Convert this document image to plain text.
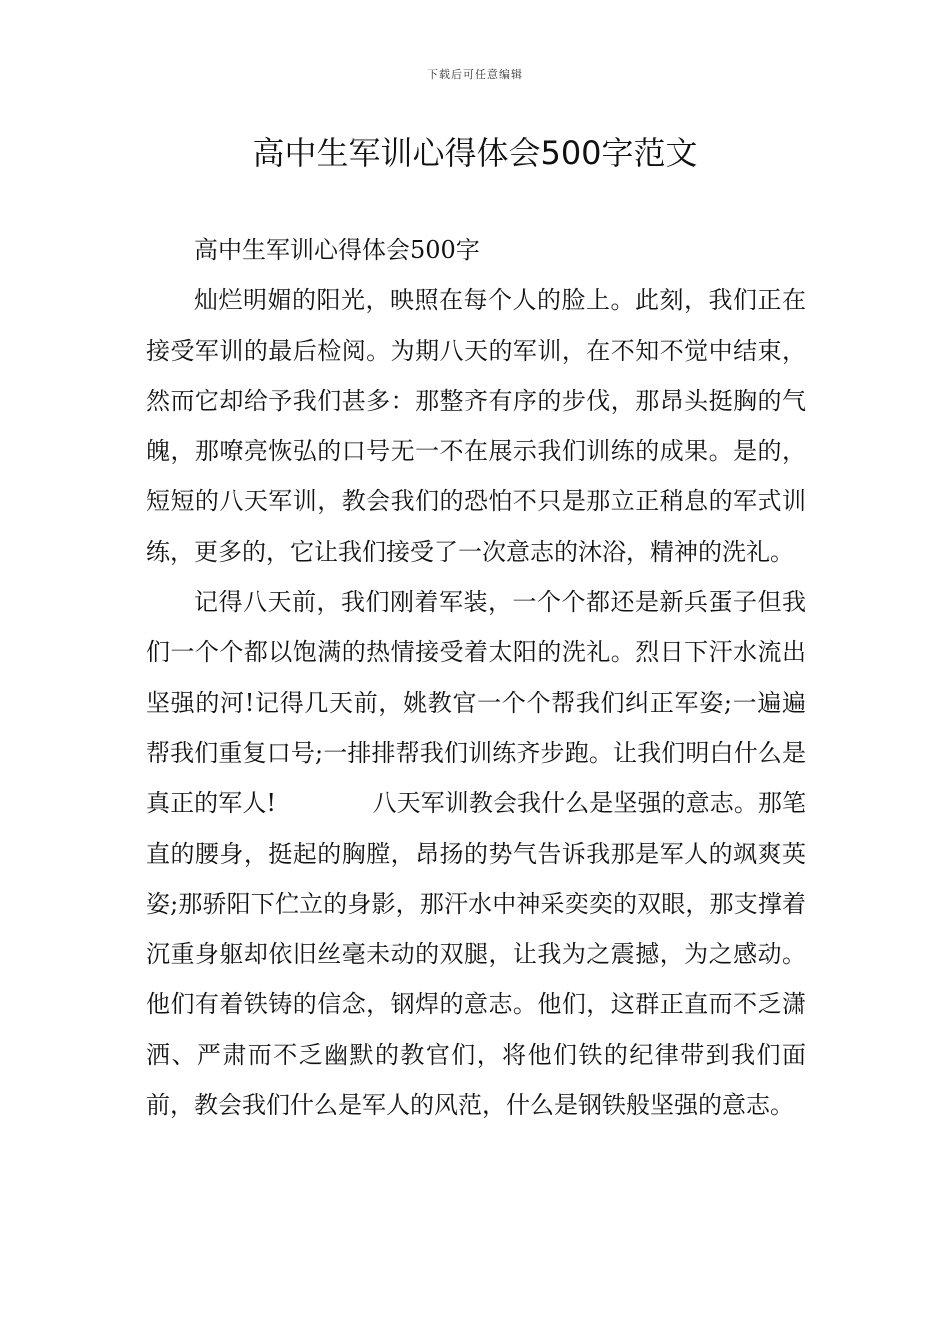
下载后可任意编辑
高中生军训心得体会500字范文

高中生军训心得体会500字

灿烂明媚的阳光，映照在每个人的脸上。此刻，我们正在接受军训的最后检阅。为期八天的军训，在不知不觉中结束，然而它却给予我们甚多：那整齐有序的步伐，那昂头挺胸的气魄，那嘹亮恢弘的口号无一不在展示我们训练的成果。是的，短短的八天军训，教会我们的恐怕不只是那立正稍息的军式训练，更多的，它让我们接受了一次意志的沐浴，精神的洗礼。

记得八天前，我们刚着军装，一个个都还是新兵蛋子但我们一个个都以饱满的热情接受着太阳的洗礼。烈日下汗水流出坚强的河!记得几天前，姚教官一个个帮我们纠正军姿;一遍遍帮我们重复口号;一排排帮我们训练齐步跑。让我们明白什么是真正的军人!　　　　八天军训教会我什么是坚强的意志。那笔直的腰身，挺起的胸膛，昂扬的势气告诉我那是军人的飒爽英姿;那骄阳下伫立的身影，那汗水中神采奕奕的双眼，那支撑着沉重身躯却依旧丝毫未动的双腿，让我为之震撼，为之感动。他们有着铁铸的信念，钢焊的意志。他们，这群正直而不乏潇洒、严肃而不乏幽默的教官们，将他们铁的纪律带到我们面前，教会我们什么是军人的风范，什么是钢铁般坚强的意志。
